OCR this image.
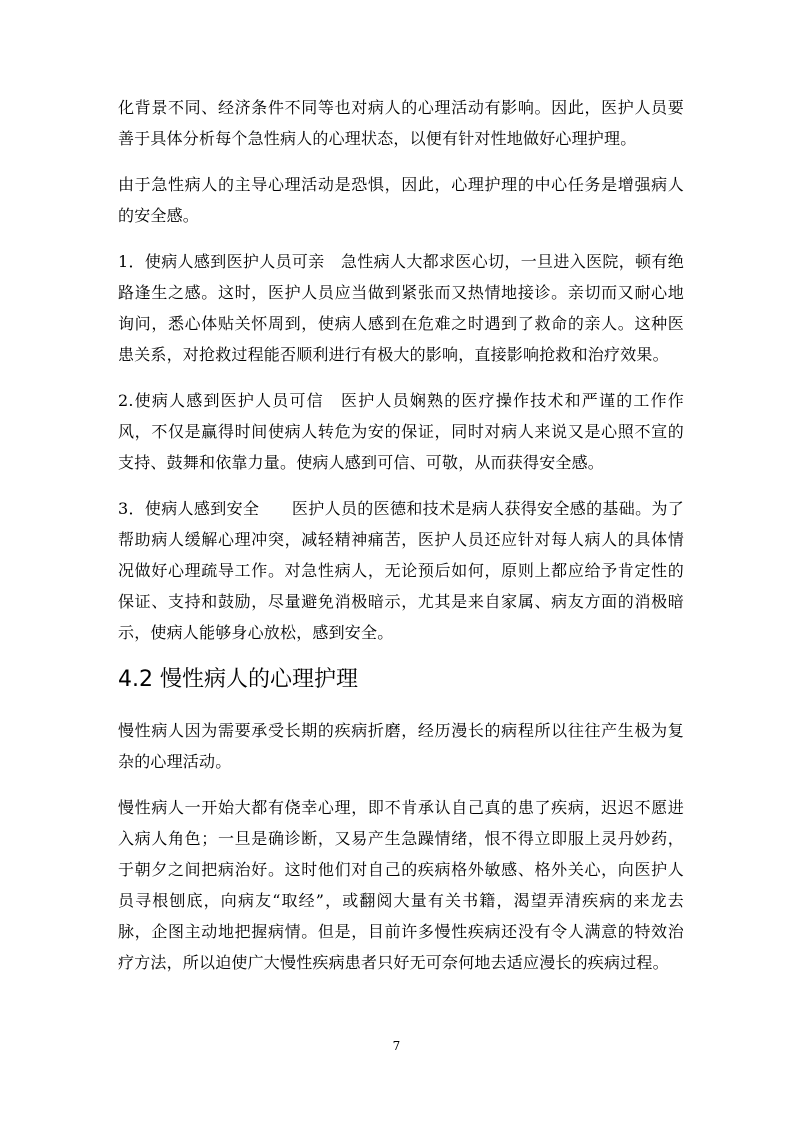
化背景不同、经济条件不同等也对病人的心理活动有影响。因此，医护人员要善于具体分析每个急性病人的心理状态，以便有针对性地做好心理护理。

由于急性病人的主导心理活动是恐惧，因此，心理护理的中心任务是增强病人的安全感。

1．使病人感到医护人员可亲　急性病人大都求医心切，一旦进入医院，顿有绝路逢生之感。这时，医护人员应当做到紧张而又热情地接诊。亲切而又耐心地询问，悉心体贴关怀周到，使病人感到在危难之时遇到了救命的亲人。这种医患关系，对抢救过程能否顺利进行有极大的影响，直接影响抢救和治疗效果。

2.使病人感到医护人员可信　医护人员娴熟的医疗操作技术和严谨的工作作风，不仅是赢得时间使病人转危为安的保证，同时对病人来说又是心照不宣的支持、鼓舞和依靠力量。使病人感到可信、可敬，从而获得安全感。

3．使病人感到安全　　医护人员的医德和技术是病人获得安全感的基础。为了帮助病人缓解心理冲突，减轻精神痛苦，医护人员还应针对每人病人的具体情况做好心理疏导工作。对急性病人，无论预后如何，原则上都应给予肯定性的保证、支持和鼓励，尽量避免消极暗示，尤其是来自家属、病友方面的消极暗示，使病人能够身心放松，感到安全。

4.2 慢性病人的心理护理

慢性病人因为需要承受长期的疾病折磨，经历漫长的病程所以往往产生极为复杂的心理活动。

慢性病人一开始大都有侥幸心理，即不肯承认自己真的患了疾病，迟迟不愿进入病人角色；一旦是确诊断，又易产生急躁情绪，恨不得立即服上灵丹妙药，于朝夕之间把病治好。这时他们对自己的疾病格外敏感、格外关心，向医护人员寻根刨底，向病友“取经”，或翻阅大量有关书籍，渴望弄清疾病的来龙去脉，企图主动地把握病情。但是，目前许多慢性疾病还没有令人满意的特效治疗方法，所以迫使广大慢性疾病患者只好无可奈何地去适应漫长的疾病过程。

7
